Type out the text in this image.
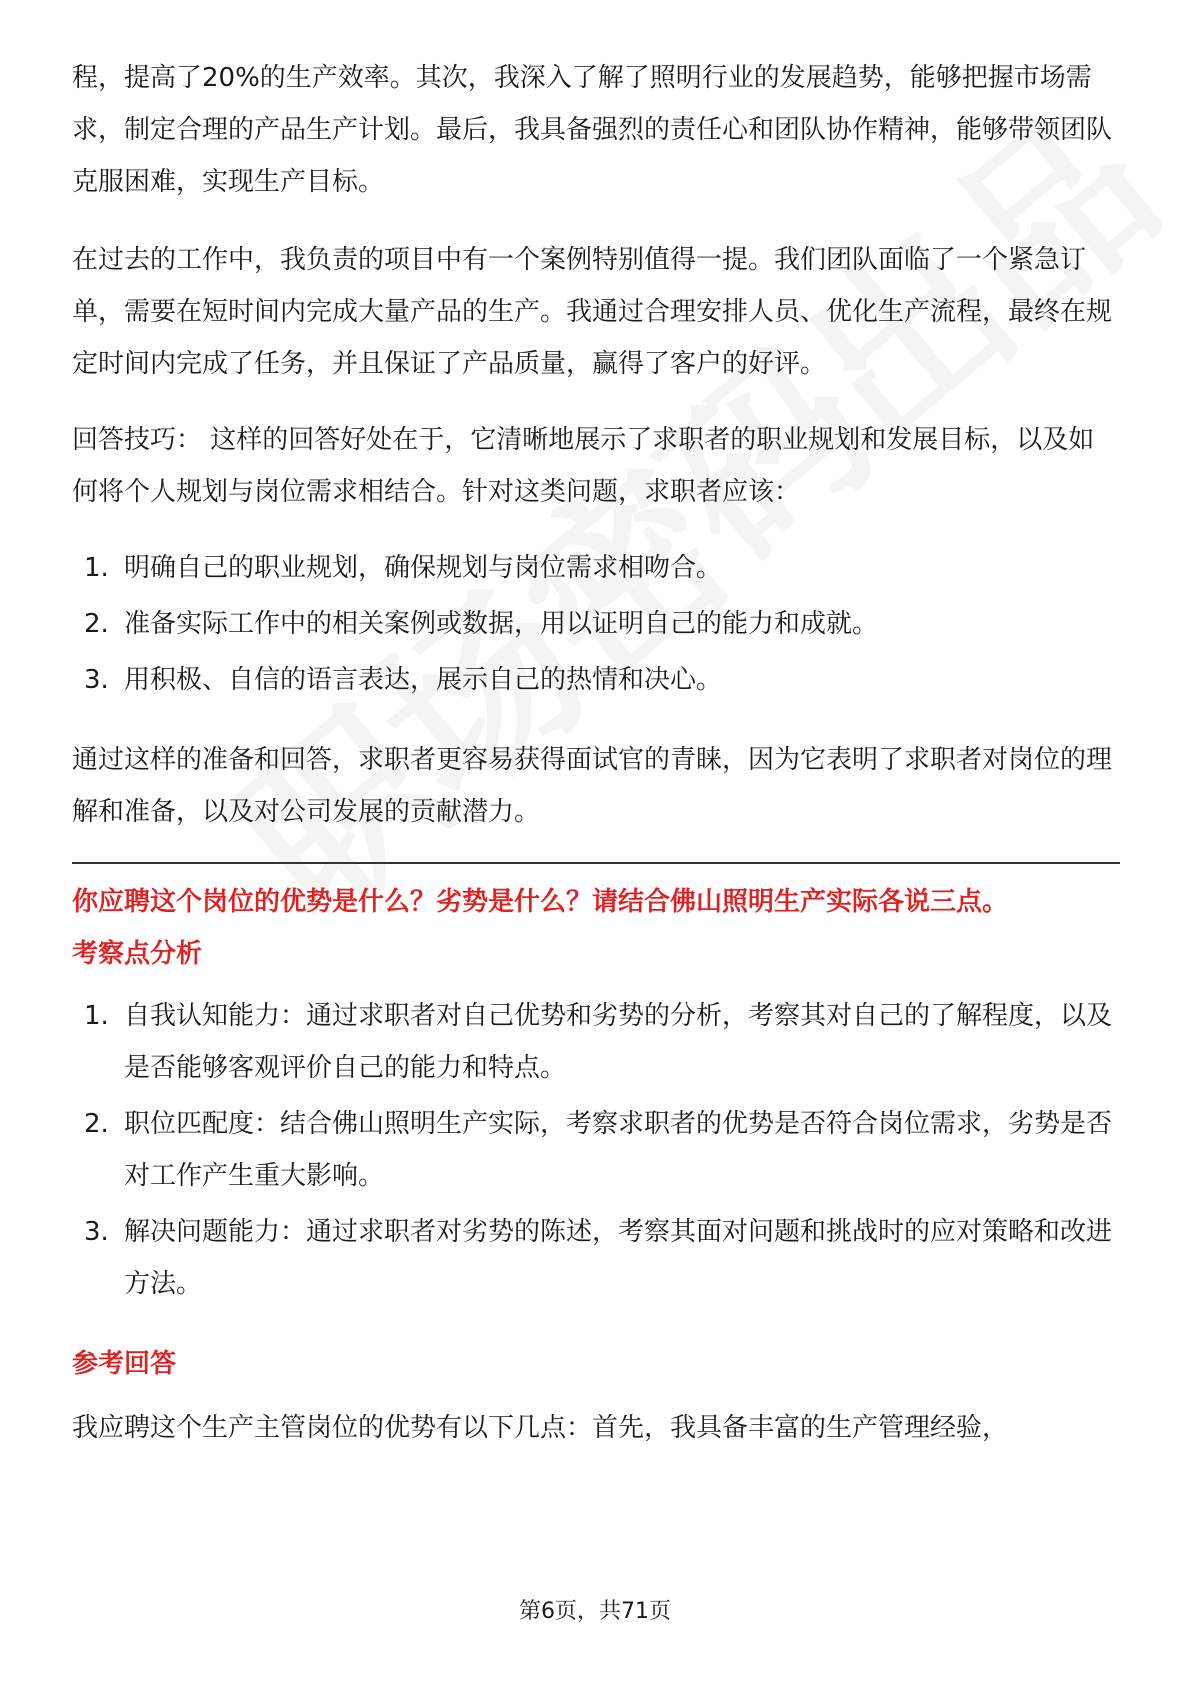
程，提高了20%的生产效率。其次，我深入了解了照明行业的发展趋势，能够把握市场需求，制定合理的产品生产计划。最后，我具备强烈的责任心和团队协作精神，能够带领团队克服困难，实现生产目标。

在过去的工作中，我负责的项目中有一个案例特别值得一提。我们团队面临了一个紧急订单，需要在短时间内完成大量产品的生产。我通过合理安排人员、优化生产流程，最终在规定时间内完成了任务，并且保证了产品质量，赢得了客户的好评。

回答技巧： 这样的回答好处在于，它清晰地展示了求职者的职业规划和发展目标，以及如何将个人规划与岗位需求相结合。针对这类问题，求职者应该：

1. 明确自己的职业规划，确保规划与岗位需求相吻合。
2. 准备实际工作中的相关案例或数据，用以证明自己的能力和成就。
3. 用积极、自信的语言表达，展示自己的热情和决心。

通过这样的准备和回答，求职者更容易获得面试官的青睐，因为它表明了求职者对岗位的理解和准备，以及对公司发展的贡献潜力。

你应聘这个岗位的优势是什么？劣势是什么？请结合佛山照明生产实际各说三点。
考察点分析
1. 自我认知能力：通过求职者对自己优势和劣势的分析，考察其对自己的了解程度，以及是否能够客观评价自己的能力和特点。
2. 职位匹配度：结合佛山照明生产实际，考察求职者的优势是否符合岗位需求，劣势是否对工作产生重大影响。
3. 解决问题能力：通过求职者对劣势的陈述，考察其面对问题和挑战时的应对策略和改进方法。
参考回答

我应聘这个生产主管岗位的优势有以下几点：首先，我具备丰富的生产管理经验，

第6页，共71页
